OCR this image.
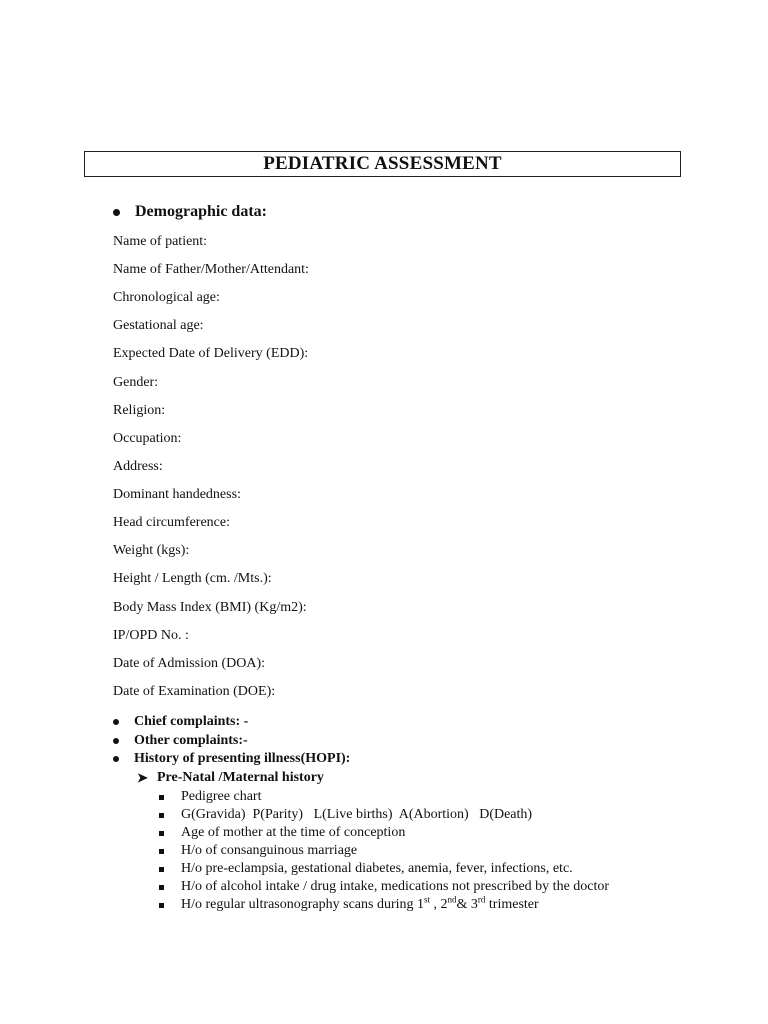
PEDIATRIC ASSESSMENT
Demographic data:
Name of patient:
Name of Father/Mother/Attendant:
Chronological age:
Gestational age:
Expected Date of Delivery (EDD):
Gender:
Religion:
Occupation:
Address:
Dominant handedness:
Head circumference:
Weight (kgs):
Height / Length (cm. /Mts.):
Body Mass Index (BMI) (Kg/m2):
IP/OPD No. :
Date of Admission (DOA):
Date of Examination (DOE):
Chief complaints: -
Other complaints: -
History of presenting illness(HOPI):
➤ Pre-Natal /Maternal history
Pedigree chart
G(Gravida)  P(Parity)   L(Live births)  A(Abortion)   D(Death)
Age of mother at the time of conception
H/o of consanguinous marriage
H/o pre-eclampsia, gestational diabetes, anemia, fever, infections, etc.
H/o of alcohol intake / drug intake, medications not prescribed by the doctor
H/o regular ultrasonography scans during 1st , 2nd& 3rd trimester
